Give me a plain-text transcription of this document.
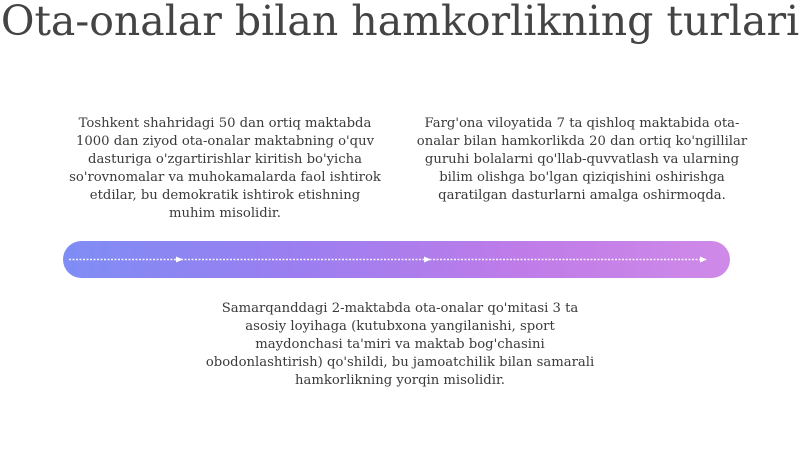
Ota-onalar bilan hamkorlikning turlari
Toshkent shahridagi 50 dan ortiq maktabda 1000 dan ziyod ota-onalar maktabning o'quv dasturiga o'zgartirishlar kiritish bo'yicha so'rovnomalar va muhokamalarda faol ishtirok etdilar, bu demokratik ishtirok etishning muhim misolidir.
Farg'ona viloyatida 7 ta qishloq maktabida ota-onalar bilan hamkorlikda 20 dan ortiq ko'ngillilar guruhi bolalarni qo'llab-quvvatlash va ularning bilim olishga bo'lgan qiziqishini oshirishga qaratilgan dasturlarni amalga oshirmoqda.
Samarqanddagi 2-maktabda ota-onalar qo'mitasi 3 ta asosiy loyihaga (kutubxona yangilanishi, sport maydonchasi ta'miri va maktab bog'chasini obodonlashtirish) qo'shildi, bu jamoatchilik bilan samarali hamkorlikning yorqin misolidir.
